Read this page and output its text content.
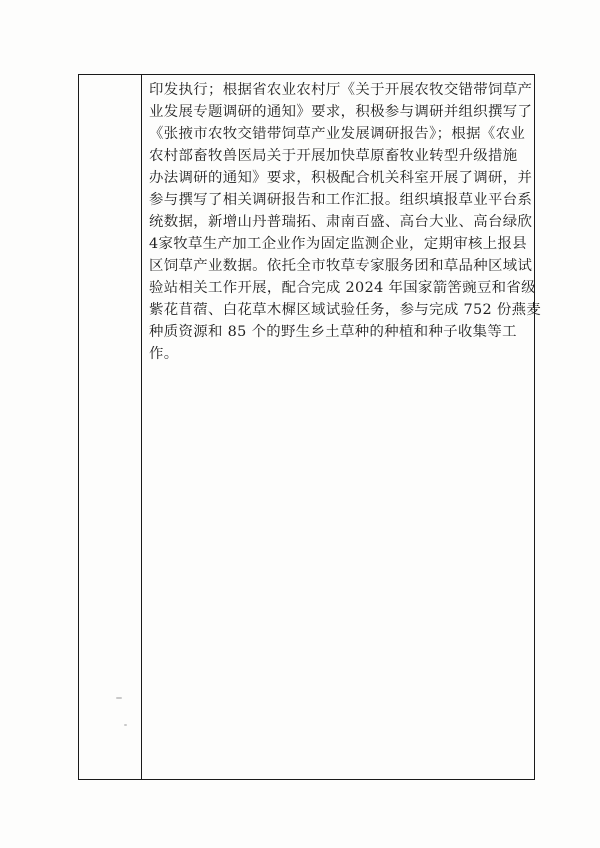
印发执行；根据省农业农村厅《关于开展农牧交错带饲草产
业发展专题调研的通知》要求，积极参与调研并组织撰写了
《张掖市农牧交错带饲草产业发展调研报告》；根据《农业
农村部畜牧兽医局关于开展加快草原畜牧业转型升级措施
办法调研的通知》要求，积极配合机关科室开展了调研，并
参与撰写了相关调研报告和工作汇报。组织填报草业平台系
统数据，新增山丹普瑞拓、肃南百盛、高台大业、高台绿欣
4家牧草生产加工企业作为固定监测企业，定期审核上报县
区饲草产业数据。依托全市牧草专家服务团和草品种区域试
验站相关工作开展，配合完成 2024 年国家箭筈豌豆和省级
紫花苜蓿、白花草木樨区域试验任务，参与完成 752 份燕麦
种质资源和 85 个的野生乡土草种的种植和种子收集等工
作。
